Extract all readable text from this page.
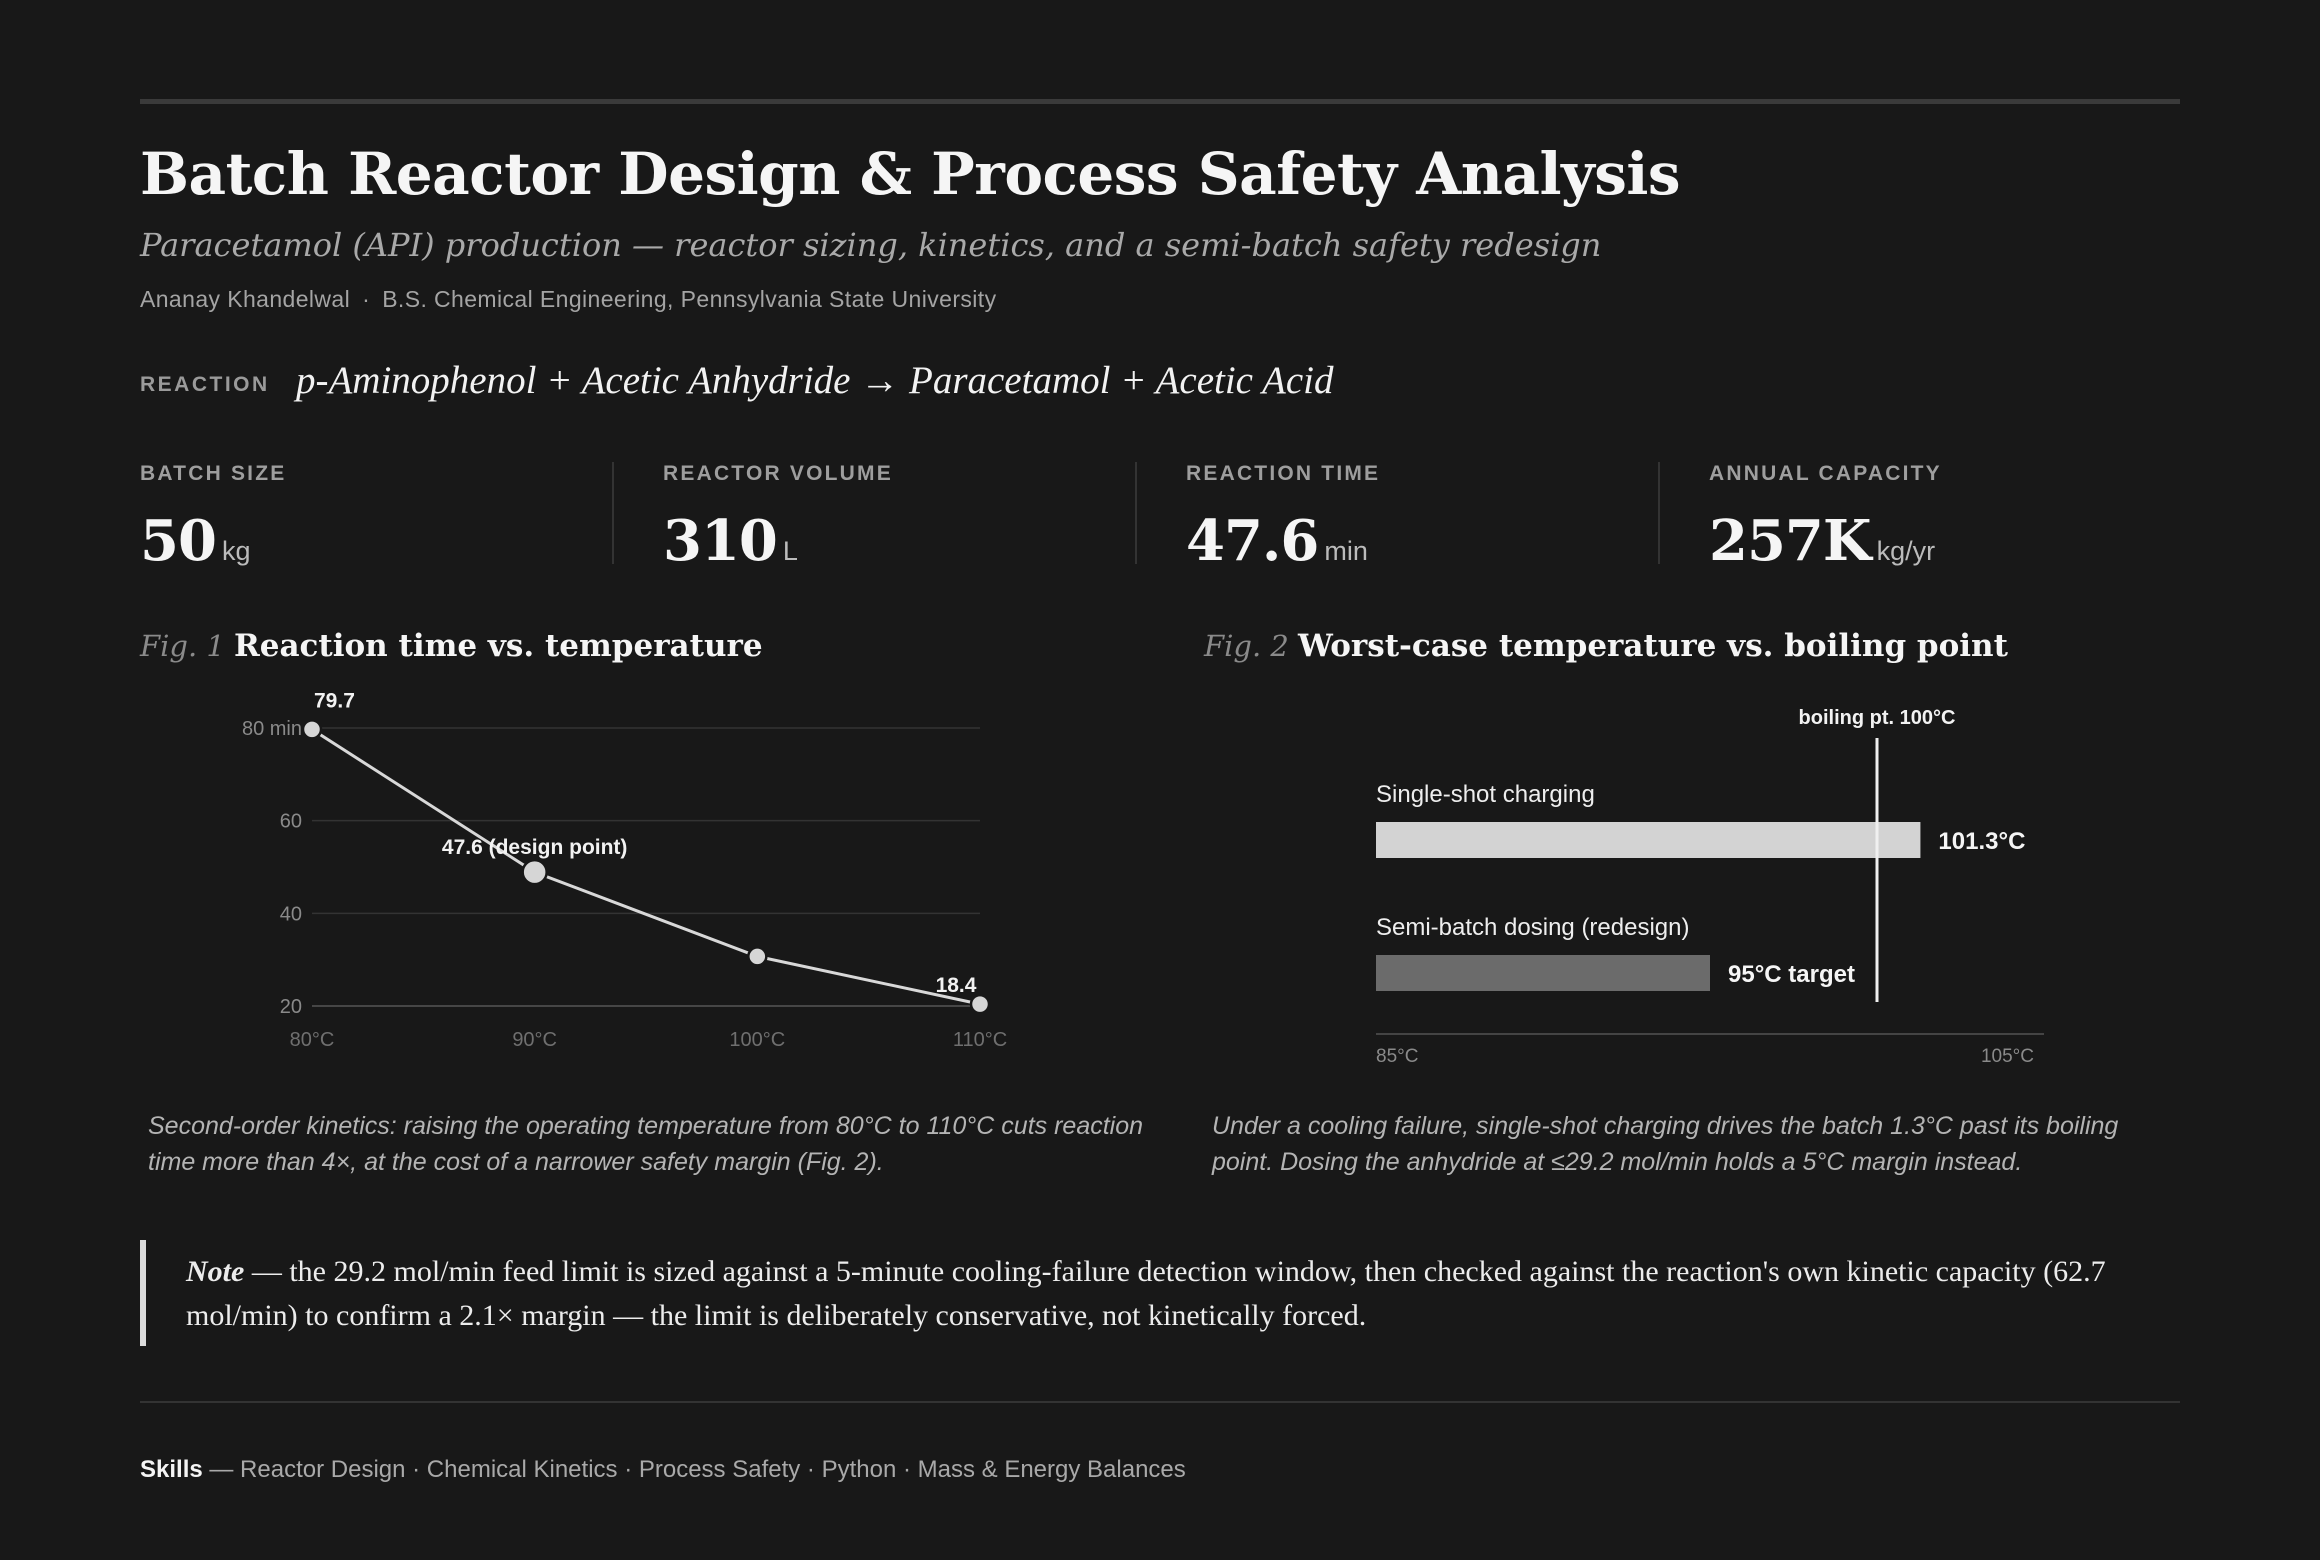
Batch Reactor Design & Process Safety Analysis
Paracetamol (API) production — reactor sizing, kinetics, and a semi-batch safety redesign
Ananay Khandelwal · B.S. Chemical Engineering, Pennsylvania State University
REACTION p-Aminophenol + Acetic Anhydride → Paracetamol + Acetic Acid
BATCH SIZE
50 kg
REACTOR VOLUME
310 L
REACTION TIME
47.6 min
ANNUAL CAPACITY
257K kg/yr
Fig. 1 Reaction time vs. temperature	Fig. 2 Worst-case temperature vs. boiling point
80 min
60
40
20
80°C	90°C	100°C	110°C
79.7
47.6 (design point)
18.4
Single-shot charging
101.3°C
Semi-batch dosing (redesign)
95°C target
85°C	105°C
boiling pt. 100°C
Second-order kinetics: raising the operating temperature from 80°C to 110°C cuts reaction time more than 4×, at the cost of a narrower safety margin (Fig. 2).
Under a cooling failure, single-shot charging drives the batch 1.3°C past its boiling point. Dosing the anhydride at ≤29.2 mol/min holds a 5°C margin instead.
Note — the 29.2 mol/min feed limit is sized against a 5-minute cooling-failure detection window, then checked against the reaction's own kinetic capacity (62.7 mol/min) to confirm a 2.1× margin — the limit is deliberately conservative, not kinetically forced.
Skills — Reactor Design · Chemical Kinetics · Process Safety · Python · Mass & Energy Balances
